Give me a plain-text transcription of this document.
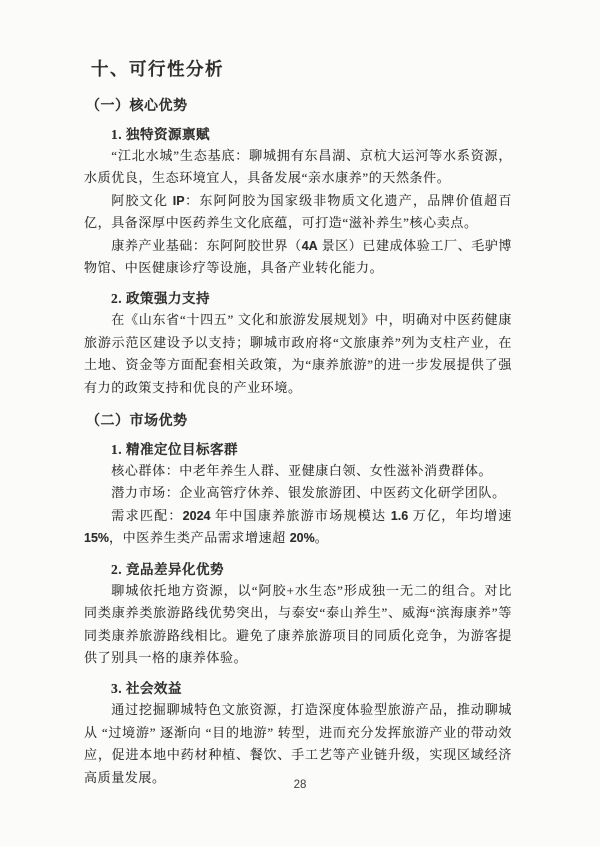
十、可行性分析
（一）核心优势
1. 独特资源禀赋

“江北水城”生态基底：聊城拥有东昌湖、京杭大运河等水系资源，水质优良，生态环境宜人，具备发展“亲水康养”的天然条件。

阿胶文化 IP：东阿阿胶为国家级非物质文化遗产，品牌价值超百亿，具备深厚中医药养生文化底蕴，可打造“滋补养生”核心卖点。

康养产业基础：东阿阿胶世界（4A 景区）已建成体验工厂、毛驴博物馆、中医健康诊疗等设施，具备产业转化能力。

2. 政策强力支持

在《山东省“十四五” 文化和旅游发展规划》中，明确对中医药健康旅游示范区建设予以支持；聊城市政府将“文旅康养”列为支柱产业，在土地、资金等方面配套相关政策，为“康养旅游”的进一步发展提供了强有力的政策支持和优良的产业环境。

（二）市场优势
1. 精准定位目标客群

核心群体：中老年养生人群、亚健康白领、女性滋补消费群体。

潜力市场：企业高管疗休养、银发旅游团、中医药文化研学团队。

需求匹配：2024 年中国康养旅游市场规模达 1.6 万亿，年均增速 15%，中医养生类产品需求增速超 20%。

2. 竞品差异化优势

聊城依托地方资源，以“阿胶+水生态”形成独一无二的组合。对比同类康养类旅游路线优势突出，与泰安“泰山养生”、威海“滨海康养”等同类康养旅游路线相比。避免了康养旅游项目的同质化竞争，为游客提供了别具一格的康养体验。

3. 社会效益

通过挖掘聊城特色文旅资源，打造深度体验型旅游产品，推动聊城从 “过境游” 逐渐向 “目的地游” 转型，进而充分发挥旅游产业的带动效应，促进本地中药材种植、餐饮、手工艺等产业链升级，实现区域经济高质量发展。

28
